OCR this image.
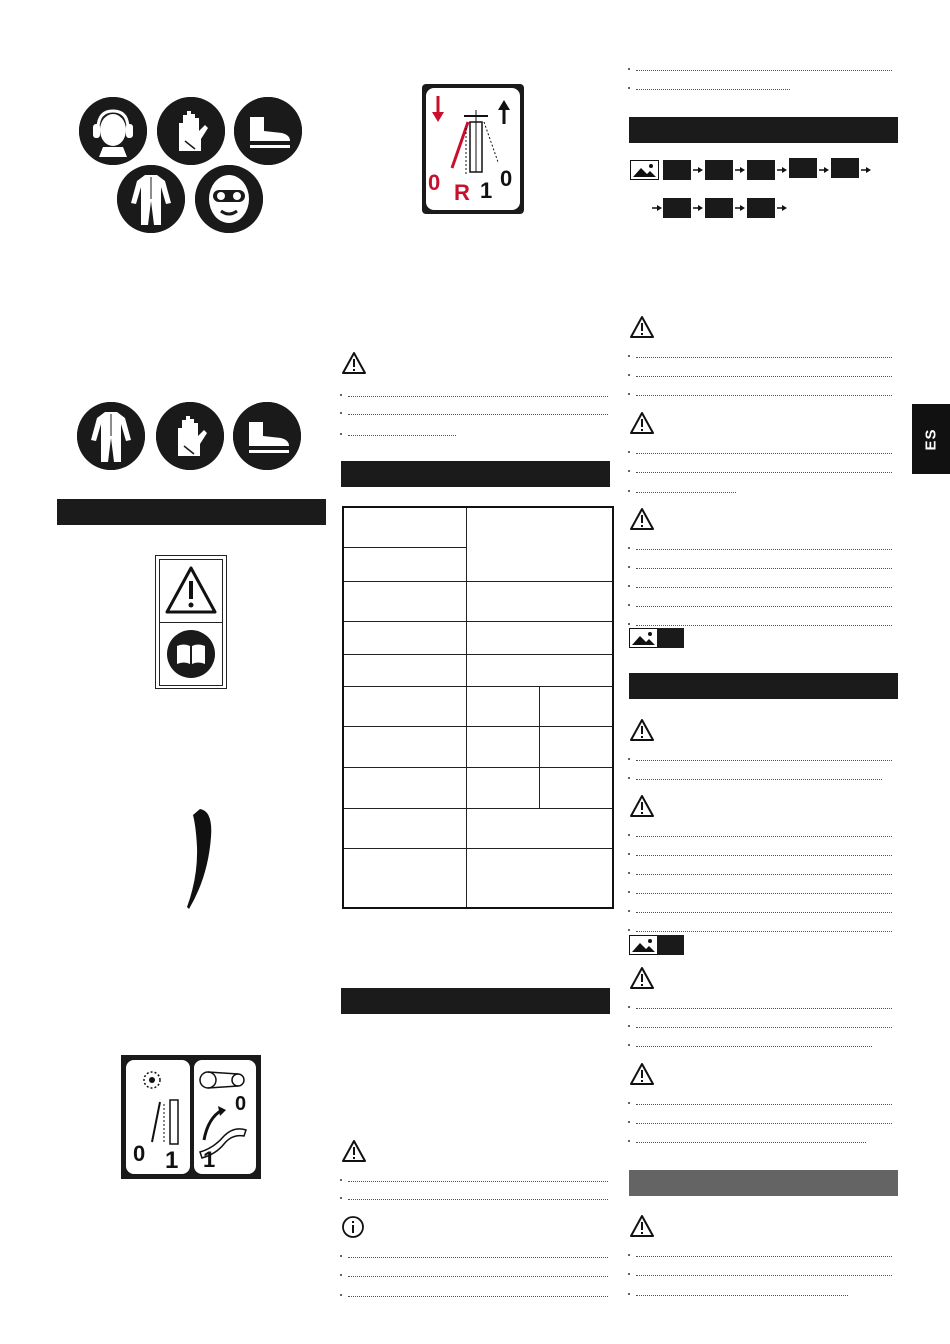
0 1
0
1
0 R 1 0

ES
